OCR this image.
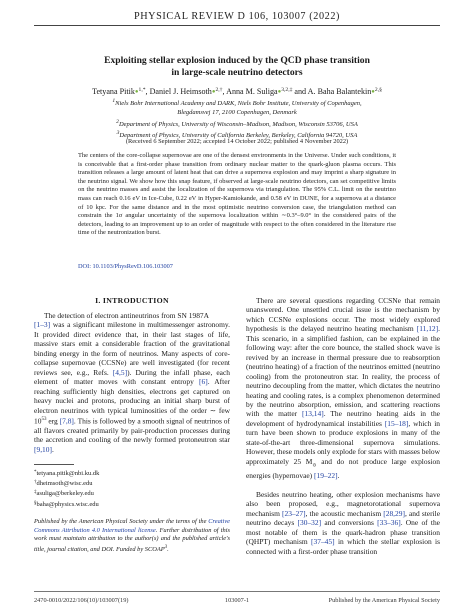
PHYSICAL REVIEW D 106, 103007 (2022)
Exploiting stellar explosion induced by the QCD phase transition
in large-scale neutrino detectors
Tetyana Pitik●$^{1,*}$, Daniel J. Heimsoth●$^{2,\dagger}$, Anna M. Suliga●$^{3,2,\ddagger}$ and A. Baha Balantekin●$^{2,\S}$
1Niels Bohr International Academy and DARK, Niels Bohr Institute, University of Copenhagen,
Blegdamsvej 17, 2100 Copenhagen, Denmark
2Department of Physics, University of Wisconsin–Madison, Madison, Wisconsin 53706, USA
3Department of Physics, University of California Berkeley, Berkeley, California 94720, USA
(Received 6 September 2022; accepted 14 October 2022; published 4 November 2022)
The centers of the core-collapse supernovae are one of the densest environments in the Universe. Under such conditions, it is conceivable that a first-order phase transition from ordinary nuclear matter to the quark-gluon plasma occurs. This transition releases a large amount of latent heat that can drive a supernova explosion and may imprint a sharp signature in the neutrino signal. We show how this snap feature, if observed at large-scale neutrino detectors, can set competitive limits on the neutrino masses and assist the localization of the supernova via triangulation. The 95% C.L. limit on the neutrino mass can reach 0.16 eV in Ice-Cube, 0.22 eV in Hyper-Kamiokande, and 0.58 eV in DUNE, for a supernova at a distance of 10 kpc. For the same distance and in the most optimistic neutrino conversion case, the triangulation method can constrain the 1σ angular uncertainty of the supernova localization within ∼0.3°–9.0° in the considered pairs of the detectors, leading to an improvement up to an order of magnitude with respect to the often considered in the literature rise time of the neutronization burst.
DOI: 10.1103/PhysRevD.106.103007
I. INTRODUCTION
The detection of electron antineutrinos from SN 1987A
[1–3] was a significant milestone in multimessenger astronomy. It provided direct evidence that, in their last stages of life, massive stars emit a considerable fraction of the gravitational binding energy in the form of neutrinos. Many aspects of core-collapse supernovae (CCSNe) are well investigated (for recent reviews see, e.g., Refs. [4,5]). During the infall phase, each element of matter moves with constant entropy [6]. After reaching sufficiently high densities, electrons get captured on heavy nuclei and protons, producing an initial sharp burst of electron neutrinos with typical luminosities of the order ∼ few $10^{53}$ erg [7,8]. This is followed by a smooth signal of neutrinos of all flavors created primarily by pair-production processes during the accretion and cooling of the newly formed protoneutron star [9,10].
*tetyana.pitik@nbi.ku.dk
†dheimsoth@wisc.edu
‡asuliga@berkeley.edu
§baha@physics.wisc.edu
Published by the American Physical Society under the terms of the Creative Commons Attribution 4.0 International license. Further distribution of this work must maintain attribution to the author(s) and the published article's title, journal citation, and DOI. Funded by SCOAP$^3$.
There are several questions regarding CCSNe that remain unanswered. One unsettled crucial issue is the mechanism by which CCSNe explosions occur. The most widely explored hypothesis is the delayed neutrino heating mechanism [11,12]. This scenario, in a simplified fashion, can be explained in the following way: after the core bounce, the stalled shock wave is revived by an increase in thermal pressure due to reabsorption (neutrino heating) of a fraction of the neutrinos emitted (neutrino cooling) from the protoneutron star. In reality, the process of neutrino decoupling from the matter, which dictates the neutrino heating and cooling rates, is a complex phenomenon determined by the neutrino absorption, emission, and scattering reactions with the matter [13,14]. The neutrino heating aids in the development of hydrodynamical instabilities [15–18], which in turn have been shown to produce explosions in many of the state-of-the-art three-dimensional supernova simulations. However, these models only explode for stars with masses below approximately 25 $M_⊙$ and do not produce large explosion energies (hypernovae) [19–22].
Besides neutrino heating, other explosion mechanisms have also been proposed, e.g., magnetorotational supernova mechanism [23–27], the acoustic mechanism [28,29], and sterile neutrino decays [30–32] and conversions [33–36]. One of the most notable of them is the quark-hadron phase transition (QHPT) mechanism [37–45] in which the stellar explosion is connected with a first-order phase transition
2470-0010/2022/106(10)/103007(19)	103007-1	Published by the American Physical Society
